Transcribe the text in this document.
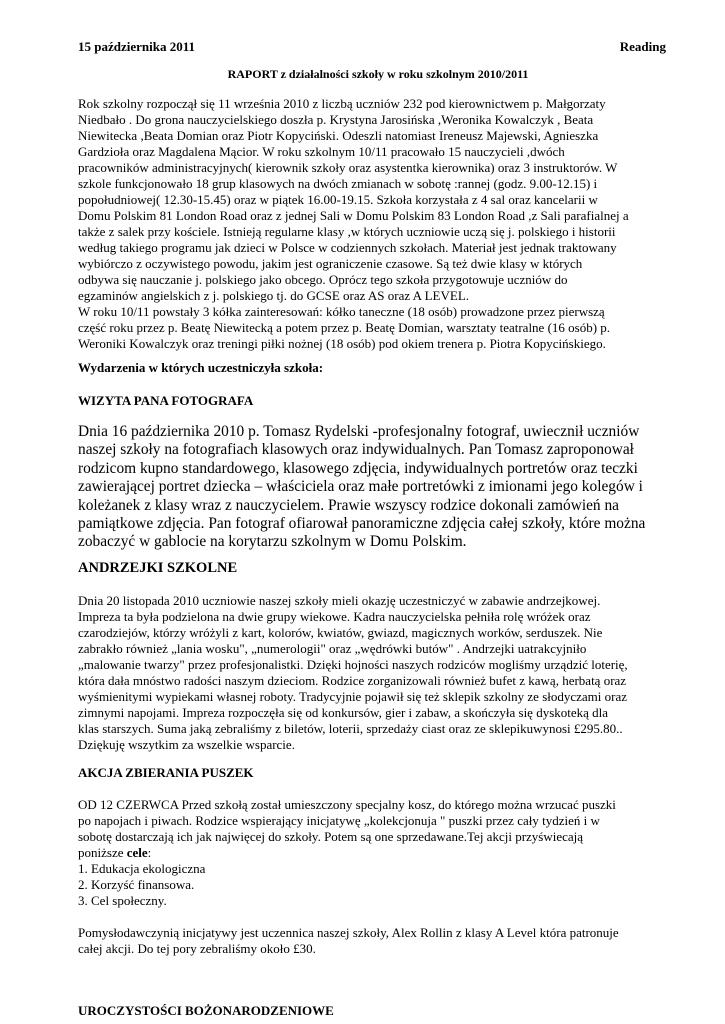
15 października 2011	Reading
RAPORT z działalności szkoły w roku szkolnym 2010/2011
Rok szkolny rozpoczął się 11 września 2010 z liczbą uczniów 232 pod kierownictwem p. Małgorzaty
Niedbało . Do grona nauczycielskiego doszła p. Krystyna Jarosińska ,Weronika Kowalczyk , Beata
Niewitecka ,Beata Domian oraz Piotr Kopyciński. Odeszli natomiast Ireneusz Majewski, Agnieszka
Gardzioła oraz Magdalena Mącior. W roku szkolnym 10/11 pracowało 15 nauczycieli ,dwóch
pracowników administracyjnych( kierownik szkoły oraz asystentka kierownika) oraz 3 instruktorów. W
szkole funkcjonowało 18 grup klasowych na dwóch zmianach w sobotę :rannej (godz. 9.00-12.15) i
popołudniowej( 12.30-15.45) oraz w piątek 16.00-19.15. Szkoła korzystała z 4 sal oraz kancelarii w
Domu Polskim 81 London Road oraz z jednej Sali w Domu Polskim 83 London Road ,z Sali parafialnej a
także z salek przy kościele. Istnieją regularne klasy ,w których uczniowie uczą się j. polskiego i historii
według takiego programu jak dzieci w Polsce w codziennych szkołach. Materiał jest jednak traktowany
wybiórczo z oczywistego powodu, jakim jest ograniczenie czasowe. Są też dwie klasy w których
odbywa się nauczanie j. polskiego jako obcego. Oprócz tego szkoła przygotowuje uczniów do
egzaminów angielskich z j. polskiego tj. do GCSE oraz AS oraz A LEVEL.
W roku 10/11 powstały 3 kółka zainteresowań: kółko taneczne (18 osób) prowadzone przez pierwszą
część roku przez p. Beatę Niewitecką a potem przez p. Beatę Domian, warsztaty teatralne (16 osób) p.
Weroniki Kowalczyk oraz treningi piłki nożnej (18 osób) pod okiem trenera p. Piotra Kopycińskiego.
Wydarzenia w których uczestniczyła szkoła:
WIZYTA PANA FOTOGRAFA
Dnia 16 października 2010 p. Tomasz Rydelski -profesjonalny fotograf, uwiecznił uczniów
naszej szkoły na fotografiach klasowych oraz indywidualnych. Pan Tomasz zaproponował
rodzicom kupno standardowego, klasowego zdjęcia, indywidualnych portretów oraz teczki
zawierającej portret dziecka – właściciela oraz małe portretówki z imionami jego kolegów i
koleżanek z klasy wraz z nauczycielem. Prawie wszyscy rodzice dokonali zamówień na
pamiątkowe zdjęcia. Pan fotograf ofiarował panoramiczne zdjęcia całej szkoły, które można
zobaczyć w gablocie na korytarzu szkolnym w Domu Polskim.
ANDRZEJKI SZKOLNE
Dnia 20 listopada 2010 uczniowie naszej szkoły mieli okazję uczestniczyć w zabawie andrzejkowej.
Impreza ta była podzielona na dwie grupy wiekowe. Kadra nauczycielska pełniła rolę wróżek oraz
czarodziejów, którzy wróżyli z kart, kolorów, kwiatów, gwiazd, magicznych worków, serduszek. Nie
zabrakło również „lania wosku", „numerologii" oraz „wędrówki butów" . Andrzejki uatrakcyjniło
„malowanie twarzy" przez profesjonalistki. Dzięki hojności naszych rodziców mogliśmy urządzić loterię,
która dała mnóstwo radości naszym dzieciom. Rodzice zorganizowali również bufet z kawą, herbatą oraz
wyśmienitymi wypiekami własnej roboty. Tradycyjnie pojawił się też sklepik szkolny ze słodyczami oraz
zimnymi napojami. Impreza rozpoczęła się od konkursów, gier i zabaw, a skończyła się dyskoteką dla
klas starszych. Suma jaką zebraliśmy z biletów, loterii, sprzedaży ciast oraz ze sklepikuwynosi £295.80..
Dziękuję wszytkim za wszelkie wsparcie.
AKCJA ZBIERANIA PUSZEK
OD 12 CZERWCA Przed szkołą został umieszczony specjalny kosz, do którego można wrzucać puszki
po napojach i piwach. Rodzice wspierający inicjatywę „kolekcjonuja " puszki przez cały tydzień i w
sobotę dostarczają ich jak najwięcej do szkoły. Potem są one sprzedawane.Tej akcji przyświecają
poniższe cele:
1. Edukacja ekologiczna
2. Korzyść finansowa.
3. Cel społeczny.
Pomysłodawczynią inicjatywy jest uczennica naszej szkoły, Alex Rollin z klasy A Level która patronuje
całej akcji. Do tej pory zebraliśmy około £30.
UROCZYSTOŚCI BOŻONARODZENIOWE
